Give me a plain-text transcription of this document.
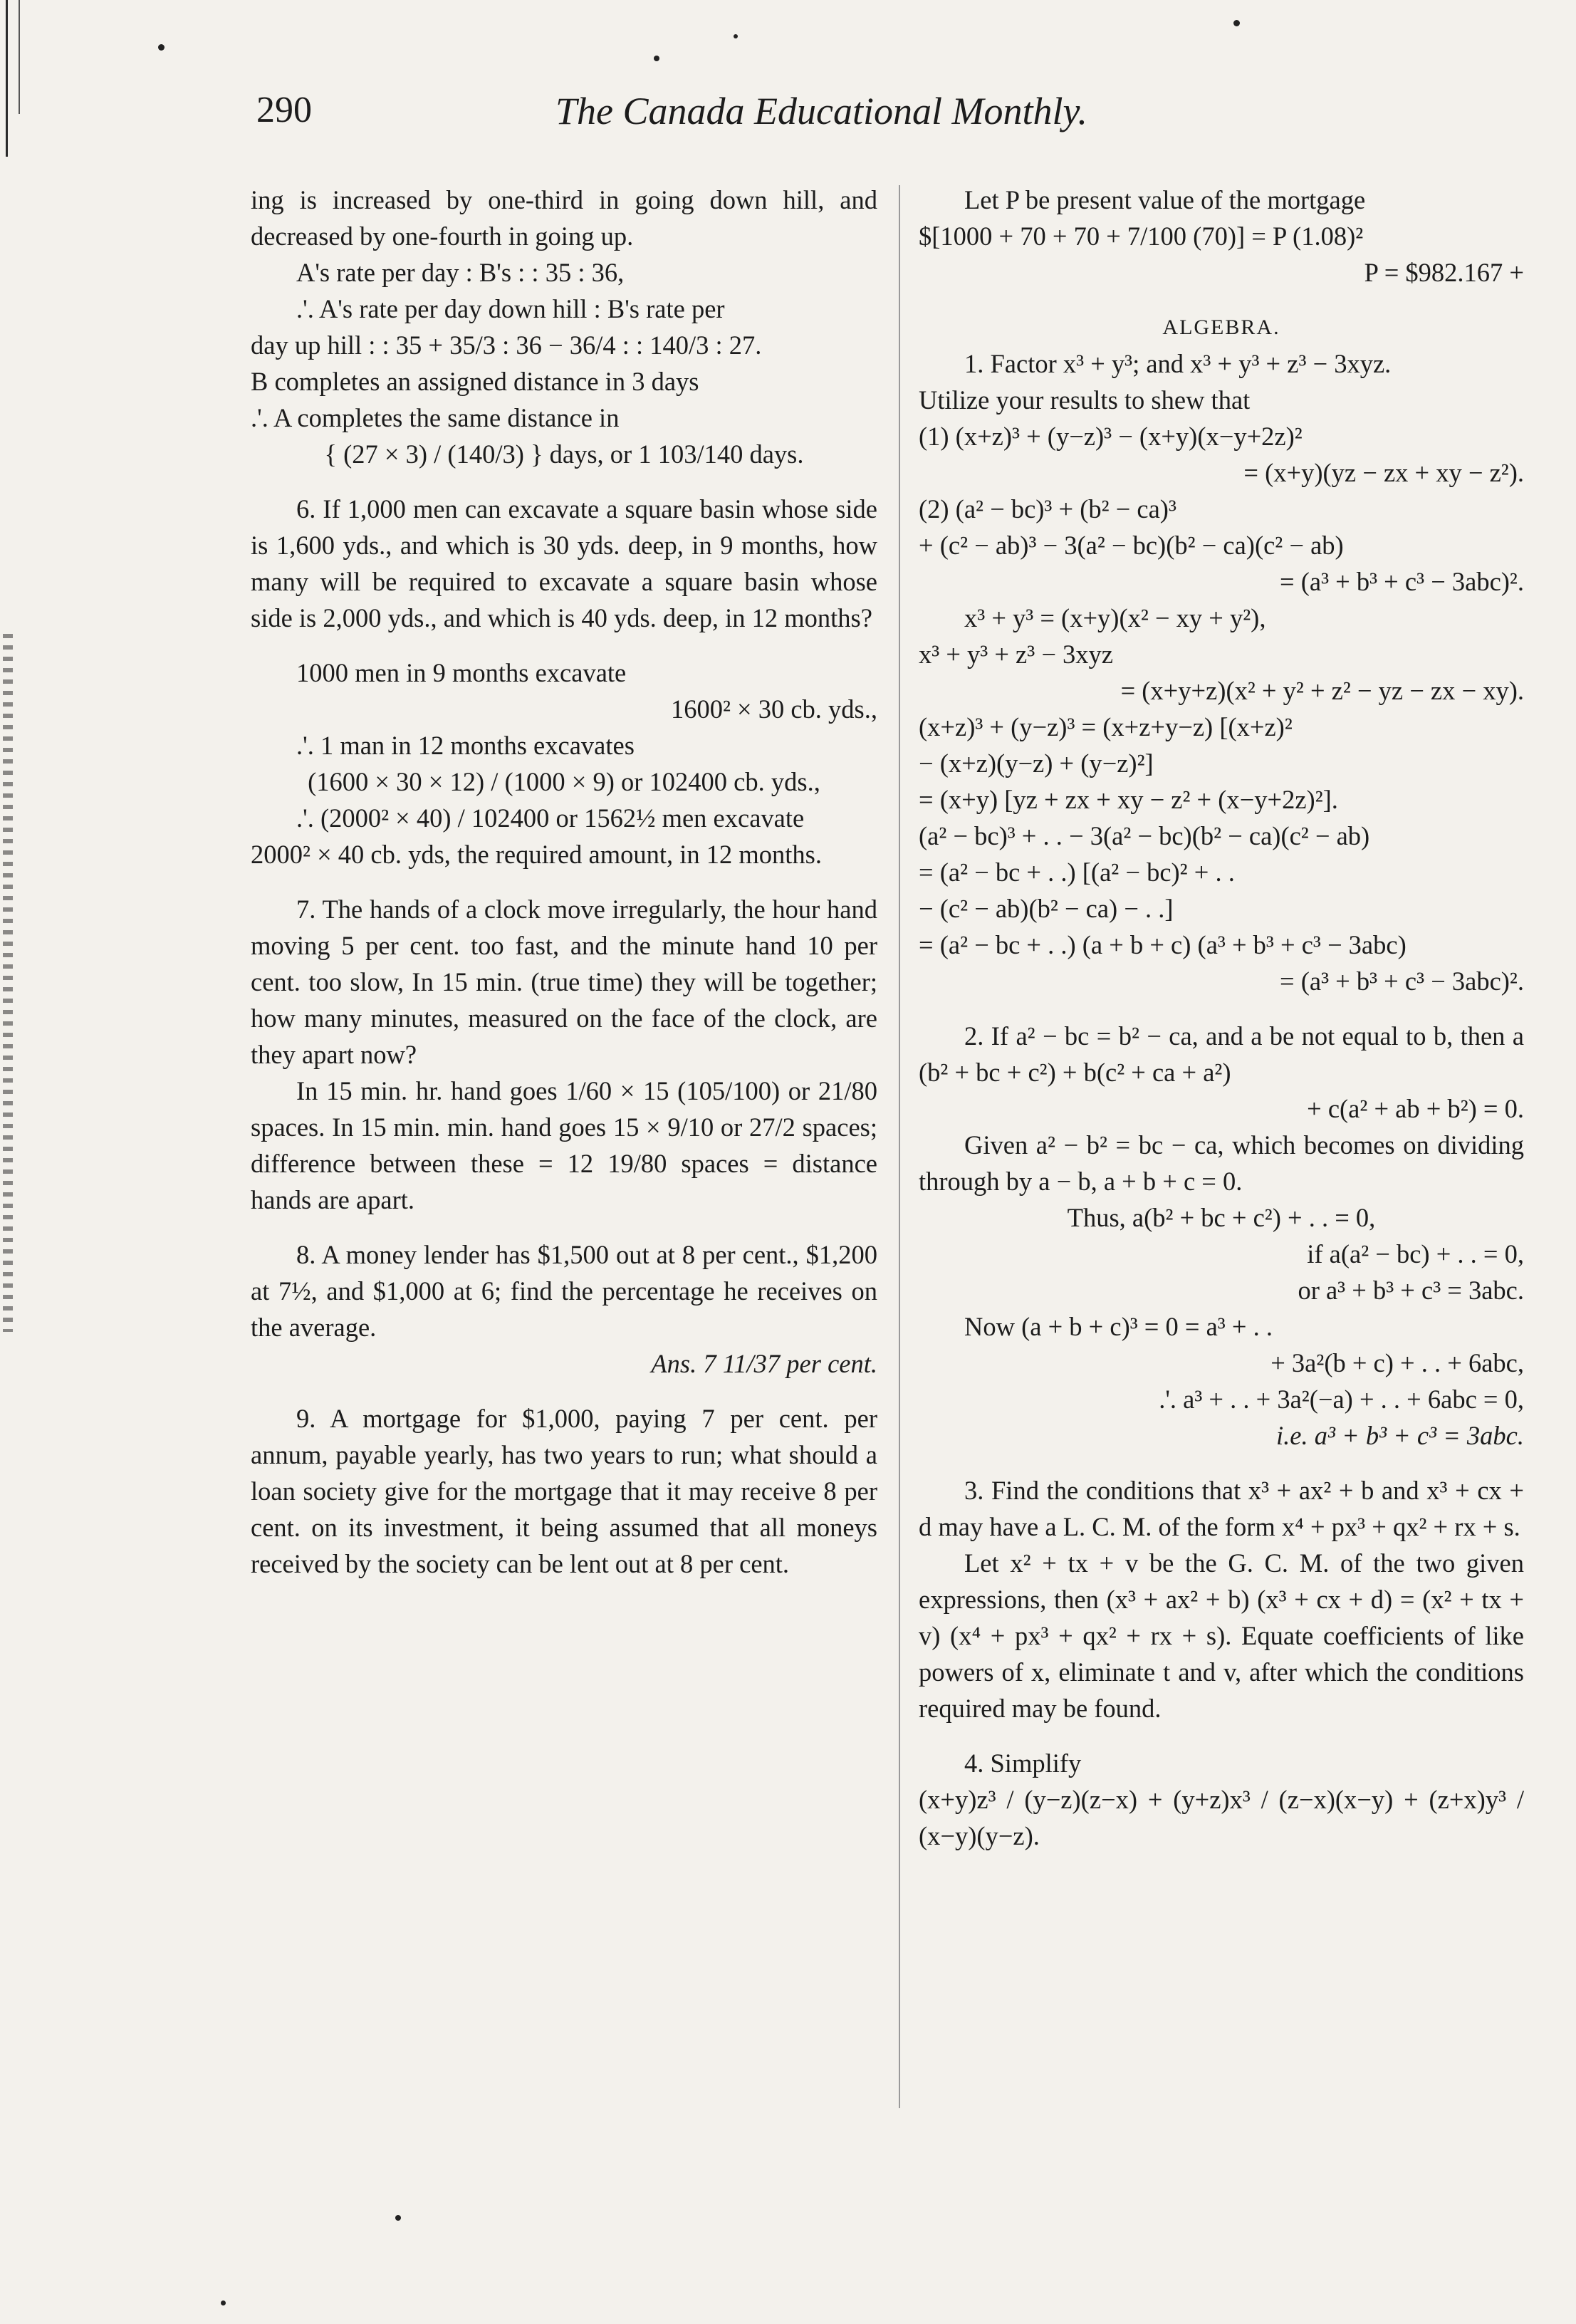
290	The Canada Educational Monthly.

ing is increased by one-third in going down hill, and decreased by one-fourth in going up.

A's rate per day : B's : : 35 : 36,

.'. A's rate per day down hill : B's rate per

day up hill : : 35 + 35/3 : 36 − 36/4 : : 140/3 : 27.

B completes an assigned distance in 3 days

.'. A completes the same distance in

{ (27 × 3) / (140/3) } days, or 1 103/140 days.

6. If 1,000 men can excavate a square basin whose side is 1,600 yds., and which is 30 yds. deep, in 9 months, how many will be required to excavate a square basin whose side is 2,000 yds., and which is 40 yds. deep, in 12 months?

1000 men in 9 months excavate

1600² × 30 cb. yds.,

.'. 1 man in 12 months excavates

(1600 × 30 × 12) / (1000 × 9) or 102400 cb. yds.,

.'. (2000² × 40) / 102400 or 1562½ men excavate

2000² × 40 cb. yds, the required amount, in 12 months.

7. The hands of a clock move irregularly, the hour hand moving 5 per cent. too fast, and the minute hand 10 per cent. too slow, In 15 min. (true time) they will be together; how many minutes, measured on the face of the clock, are they apart now?

In 15 min. hr. hand goes 1/60 × 15 (105/100) or 21/80 spaces. In 15 min. min. hand goes 15 × 9/10 or 27/2 spaces; difference between these = 12 19/80 spaces = distance hands are apart.

8. A money lender has $1,500 out at 8 per cent., $1,200 at 7½, and $1,000 at 6; find the percentage he receives on the average.

Ans. 7 11/37 per cent.

9. A mortgage for $1,000, paying 7 per cent. per annum, payable yearly, has two years to run; what should a loan society give for the mortgage that it may receive 8 per cent. on its investment, it being assumed that all moneys received by the society can be lent out at 8 per cent.

Let P be present value of the mortgage

$[1000 + 70 + 70 + 7/100 (70)] = P (1.08)²

P = $982.167 +

ALGEBRA.

1. Factor x³ + y³; and x³ + y³ + z³ − 3xyz.

Utilize your results to shew that

(1) (x+z)³ + (y−z)³ − (x+y)(x−y+2z)²

= (x+y)(yz − zx + xy − z²).

(2) (a² − bc)³ + (b² − ca)³

+ (c² − ab)³ − 3(a² − bc)(b² − ca)(c² − ab)

= (a³ + b³ + c³ − 3abc)².

x³ + y³ = (x+y)(x² − xy + y²),

x³ + y³ + z³ − 3xyz

= (x+y+z)(x² + y² + z² − yz − zx − xy).

(x+z)³ + (y−z)³ = (x+z+y−z) [(x+z)²

− (x+z)(y−z) + (y−z)²]

= (x+y) [yz + zx + xy − z² + (x−y+2z)²].

(a² − bc)³ + . . − 3(a² − bc)(b² − ca)(c² − ab)

= (a² − bc + . .) [(a² − bc)² + . .

− (c² − ab)(b² − ca) − . .]

= (a² − bc + . .) (a + b + c) (a³ + b³ + c³ − 3abc)

= (a³ + b³ + c³ − 3abc)².

2. If a² − bc = b² − ca, and a be not equal to b, then a (b² + bc + c²) + b(c² + ca + a²)

+ c(a² + ab + b²) = 0.

Given a² − b² = bc − ca, which becomes on dividing through by a − b, a + b + c = 0.

Thus, a(b² + bc + c²) + . . = 0,

if a(a² − bc) + . . = 0,

or a³ + b³ + c³ = 3abc.

Now (a + b + c)³ = 0 = a³ + . .

+ 3a²(b + c) + . . + 6abc,

.'. a³ + . . + 3a²(−a) + . . + 6abc = 0,

i.e. a³ + b³ + c³ = 3abc.

3. Find the conditions that x³ + ax² + b and x³ + cx + d may have a L. C. M. of the form x⁴ + px³ + qx² + rx + s.

Let x² + tx + v be the G. C. M. of the two given expressions, then (x³ + ax² + b) (x³ + cx + d) = (x² + tx + v) (x⁴ + px³ + qx² + rx + s). Equate coefficients of like powers of x, eliminate t and v, after which the conditions required may be found.

4. Simplify

(x+y)z³ / (y−z)(z−x) + (y+z)x³ / (z−x)(x−y) + (z+x)y³ / (x−y)(y−z).
